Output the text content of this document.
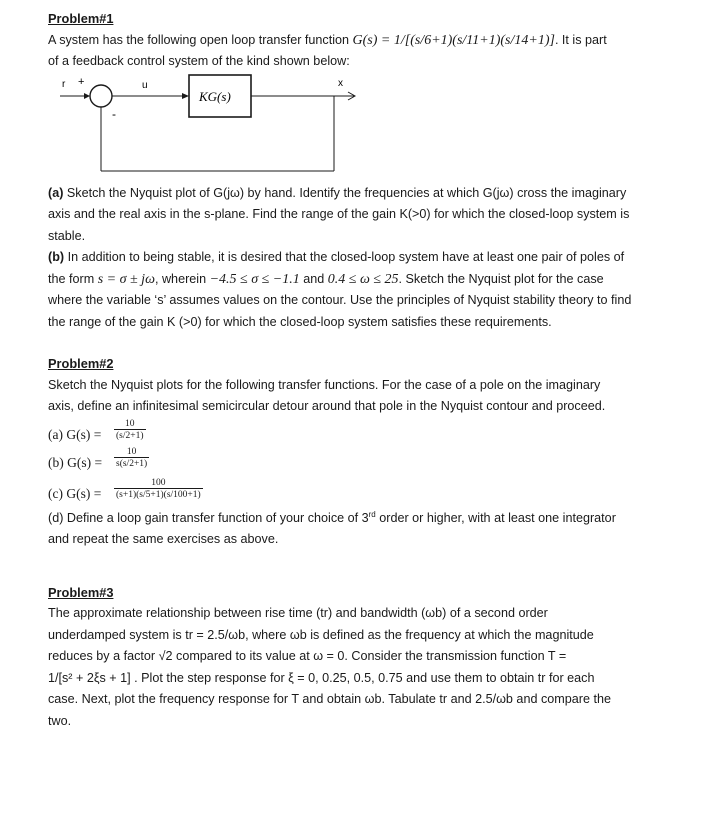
Problem#1
A system has the following open loop transfer function G(s) = 1/[(s/6+1)(s/11+1)(s/14+1)]. It is part
of a feedback control system of the kind shown below:
r +	u
KG(s)
x
-
(a) Sketch the Nyquist plot of G(jω) by hand. Identify the frequencies at which G(jω) cross the imaginary
axis and the real axis in the s-plane. Find the range of the gain K(>0) for which the closed-loop system is
stable.
(b) In addition to being stable, it is desired that the closed-loop system have at least one pair of poles of
the form s = σ ± jω, wherein −4.5 ≤ σ ≤ −1.1 and 0.4 ≤ ω ≤ 25. Sketch the Nyquist plot for the case
where the variable ‘s’ assumes values on the contour. Use the principles of Nyquist stability theory to find
the range of the gain K (>0) for which the closed-loop system satisfies these requirements.
Problem#2
Sketch the Nyquist plots for the following transfer functions. For the case of a pole on the imaginary
axis, define an infinitesimal semicircular detour around that pole in the Nyquist contour and proceed.
(a) $G(s) = \frac{10}{(s/2+1)}$
(b) $G(s) = \frac{10}{s(s/2+1)}$
(c) $G(s) = \frac{100}{(s+1)(s/5+1)(s/100+1)}$
(d) Define a loop gain transfer function of your choice of 3rd order or higher, with at least one integrator
and repeat the same exercises as above.
Problem#3
The approximate relationship between rise time (tr) and bandwidth (ωb) of a second order
underdamped system is tr = 2.5/ωb, where ωb is defined as the frequency at which the magnitude
reduces by a factor √2 compared to its value at ω = 0. Consider the transmission function T =
1/[s² + 2ξs + 1] . Plot the step response for ξ = 0, 0.25, 0.5, 0.75 and use them to obtain tr for each
case. Next, plot the frequency response for T and obtain ωb. Tabulate tr and 2.5/ωb and compare the
two.
